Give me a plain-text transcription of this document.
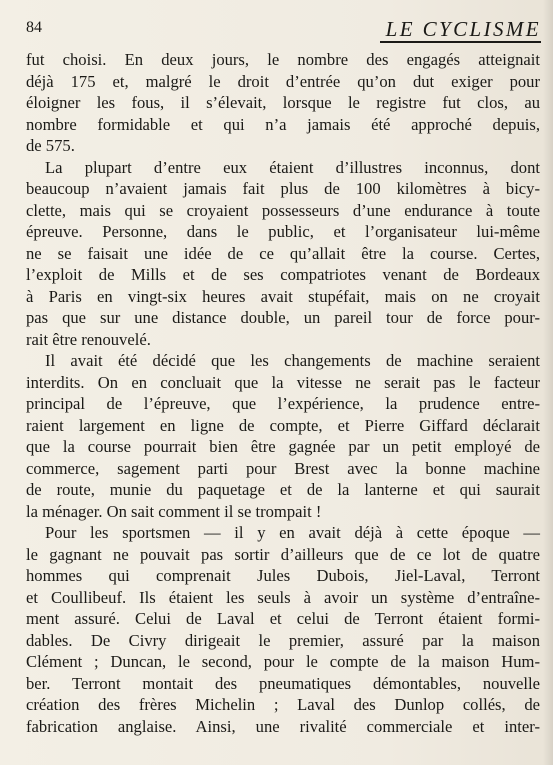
84	LE CYCLISME

fut choisi. En deux jours, le nombre des engagés atteignait
déjà 175 et, malgré le droit d’entrée qu’on dut exiger pour
éloigner les fous, il s’élevait, lorsque le registre fut clos, au
nombre formidable et qui n’a jamais été approché depuis,
de 575.

La plupart d’entre eux étaient d’illustres inconnus, dont
beaucoup n’avaient jamais fait plus de 100 kilomètres à bicy-
clette, mais qui se croyaient possesseurs d’une endurance à toute
épreuve. Personne, dans le public, et l’organisateur lui-même
ne se faisait une idée de ce qu’allait être la course. Certes,
l’exploit de Mills et de ses compatriotes venant de Bordeaux
à Paris en vingt-six heures avait stupéfait, mais on ne croyait
pas que sur une distance double, un pareil tour de force pour-
rait être renouvelé.

Il avait été décidé que les changements de machine seraient
interdits. On en concluait que la vitesse ne serait pas le facteur
principal de l’épreuve, que l’expérience, la prudence entre-
raient largement en ligne de compte, et Pierre Giffard déclarait
que la course pourrait bien être gagnée par un petit employé de
commerce, sagement parti pour Brest avec la bonne machine
de route, munie du paquetage et de la lanterne et qui saurait
la ménager. On sait comment il se trompait !

Pour les sportsmen — il y en avait déjà à cette époque —
le gagnant ne pouvait pas sortir d’ailleurs que de ce lot de quatre
hommes qui comprenait Jules Dubois, Jiel-Laval, Terront
et Coullibeuf. Ils étaient les seuls à avoir un système d’entraîne-
ment assuré. Celui de Laval et celui de Terront étaient formi-
dables. De Civry dirigeait le premier, assuré par la maison
Clément ; Duncan, le second, pour le compte de la maison Hum-
ber. Terront montait des pneumatiques démontables, nouvelle
création des frères Michelin ; Laval des Dunlop collés, de
fabrication anglaise. Ainsi, une rivalité commerciale et inter-
